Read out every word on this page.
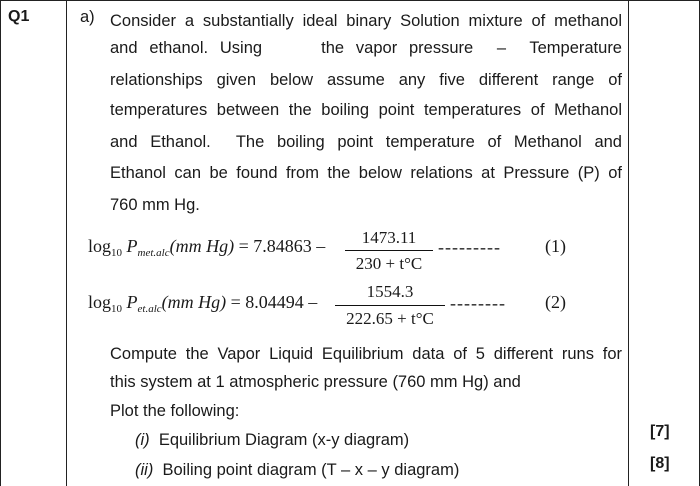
Q1	a) Consider a substantially ideal binary Solution mixture of methanol
and ethanol. Using     the vapor pressure  –  Temperature
relationships given below assume any five different range of
temperatures between the boiling point temperatures of Methanol
and Ethanol.  The boiling point temperature of Methanol and
Ethanol can be found from the below relations at Pressure (P) of
760 mm Hg.
$\log_{10} P_{met.alc}(mm$ Hg) = 7.84863 –	1473.11
230 + t°C
--------- (1)
$\log_{10} P_{et.alc}(mm$ Hg) = 8.04494 –
1554.3
222.65 + t°C
-------- (2)
Compute the Vapor Liquid Equilibrium data of 5 different runs for
this system at 1 atmospheric pressure (760 mm Hg) and
Plot the following:
(i) Equilibrium Diagram (x-y diagram)
(ii) Boiling point diagram (T – x – y diagram)
[7]
[8]
